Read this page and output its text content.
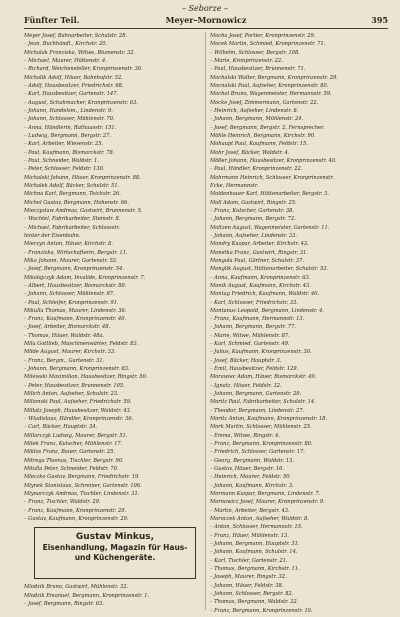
– Seborze –
Fünfter Teil.	Meyer–Mornowicz	395
Meyer Josef, Bahnarbeiter, Schulstr. 28.
– Jean, Buchhändl., Kirchstr. 20.
Michalak Franziska, Witwe, Blumenstr. 32.
– Michael, Maurer, Hüttenstr. 4.
– Richard, Weichensteller, Kronprinzenstr. 30.
Michalik Adolf, Häuer, Bahnhofstr. 52.
– Adolf, Hausbesitzer, Friedrichstr. 68.
– Karl, Hausbesitzer, Gartenstr. 147.
– August, Schuhmacher, Kronprinzenstr. 63.
– Johann, Handelsm., Lindenstr. 9.
– Johann, Schlosser, Mühlenstr. 70.
– Anna, Händlerin, Rathausstr. 151.
– Ludwig, Bergmann, Bergstr. 27.
– Karl, Arbeiter, Wiesenstr. 25.
– Paul, Kaufmann, Bismarckstr. 78.
– Paul, Schneider, Waldstr. 1.
– Peter, Schlosser, Feldstr. 130.
Michalski Johann, Häuer, Kronprinzenstr. 88.
Michalek Adolf, Bäcker, Schulstr. 51.
Michna Karl, Bergmann, Teichstr. 26.
Michel Gustav, Bergmann, Hohenstr. 66.
Mieczyslaw Andreas, Gastwirt, Brunnenstr. 5.
– Wachtel, Fabrikarbeiter, Steinstr. 8.
– Michael, Fabrikarbeiter, Schlossstr.
hinter der Eisenbahn.
Mierzyn Anton, Häuer, Kirchstr. 8.
– Franziska, Wirtschafterin, Bergstr. 11.
Mika Johann, Maurer, Gartenstr. 52.
– Josef, Bergmann, Kronprinzenstr. 54.
Mikolajczyk Adam, Invalide, Kronprinzenstr. 7.
– Albert, Hausbesitzer, Bismarckstr. 80.
– Johann, Schlosser, Mühlenstr. 97.
– Paul, Schleifer, Kronprinzenstr. 91.
Mikulla Thomas, Maurer, Lindenstr. 36.
– Franz, Kaufmann, Kronprinzenstr. 40.
– Josef, Arbeiter, Bismarckstr. 48.
– Thomas, Häuer, Waldstr. 48a.
Mila Gottlieb, Maschinenwärter, Feldstr. 83.
Milde August, Maurer, Kirchstr. 33.
– Franz, Bergm., Gartenstr. 31.
– Johann, Bergmann, Kronprinzenstr. 83.
Milewski Maximilian, Hausbesitzer, Ringstr. 50.
– Peter, Hausbesitzer, Brunnenstr. 105.
Milich Anton, Aufseher, Schulstr. 23.
Milionski Paul, Aufseher, Friedrichstr. 59.
Millatz Joseph, Hausbesitzer, Waldstr. 43.
– Wladislaus, Händler, Kronprinzenstr. 36.
– Carl, Bäcker, Hauptstr. 34.
Millarczyk Ludwig, Maurer, Bergstr. 51.
Mitek Franz, Kutscher, Mühlenstr. 17.
Miklos Franz, Bauer, Gartenstr. 25.
Mitrega Thomas, Tischler, Bergstr. 90.
Mitulla Peter, Schneider, Feldstr. 70.
Mleczko Gustav, Bergmann, Friedrichstr. 19.
Mlynek Stanislaus, Schreiner, Gartenstr. 106.
Mlynarczyk Andreas, Tischler, Lindenstr. 31.
– Franz, Tischler, Waldstr. 29.
– Franz, Kaufmann, Kronprinzenstr. 29.
– Gustav, Kaufmann, Kronprinzenstr. 29.
Gustav Minkus,
Eisenhandlung, Magazin für Haus- und Küchengeräte.
Mlodzik Bruno, Gastwirt, Mühlenstr. 32.
Mlodzik Emanuel, Bergmann, Kronprinzenstr. 1.
– Josef, Bergmann, Ringstr. 63.
Mocha Josef, Portier, Kronprinzenstr. 29.
Mocek Martin, Schmied, Kronprinzenstr. 71.
– Wilhelm, Schlosser, Bergstr. 108.
– Marie, Kronprinzenstr. 22.
– Paul, Hausbesitzer, Brunnenstr. 71.
Mochalski Walter, Bergmann, Kronprinzenstr. 29.
Mocnalski Paul, Aufseher, Kronprinzenstr. 80.
Mochol Bruno, Wagenmeister, Hermannstr. 59.
Mocke Josef, Zimmermann, Gartenstr. 22.
– Heinrich, Aufseher, Lindenstr. 8.
– Johann, Bergmann, Mühlenstr. 24.
– Josef, Bergmann, Bergstr. 2, Fernsprecher.
Möhle Heinrich, Bergmann, Kirchstr. 90.
Mohaupt Paul, Kaufmann, Feldstr. 15.
Mohr Josef, Bäcker, Waldstr. 4.
Möller Johann, Hausbesitzer, Kronprinzenstr. 40.
– Paul, Händler, Kronprinzenstr. 22.
Mohrmann Heinrich, Schlosser, Kronprinzenstr.
Ecke, Hermannstr.
Moldenhauer Karl, Hüttenarbeiter, Bergstr. 3.
Moll Adam, Gastwirt, Ringstr. 25.
– Franz, Kutscher, Gartenstr. 38.
– Johann, Bergmann, Bergstr. 72.
Moltzen August, Wagenmeister, Gartenstr. 11.
– Johann, Aufseher, Lindenstr. 33.
Mondry Kaspar, Arbeiter, Kirchstr. 43.
Monetka Franz, Gastwirt, Ringstr. 31.
Mongola Paul, Gärtner, Schulstr. 37.
Monglik August, Hüttenarbeiter, Schulstr. 53.
– Anna, Kaufmann, Kronprinzenstr. 63.
Monik August, Kaufmann, Kirchstr. 43.
Montag Friedrich, Kaufmann, Waldstr. 40.
– Karl, Schlosser, Friedrichstr. 33.
Montanus Leopold, Bergmann, Lindenstr. 4.
– Franz, Kaufmann, Hermannstr. 13.
– Johann, Bergmann, Bergstr. 77.
– Marie, Witwe, Mühlenstr. 87.
– Karl, Schmied, Gartenstr. 49.
– Julius, Kaufmann, Kronprinzenstr. 30.
– Josef, Bäcker, Hauptstr. 3.
– Emil, Hausbesitzer, Feldstr. 129.
Morawiec Adam, Häuer, Bismarckstr. 49.
– Ignatz, Häuer, Feldstr. 32.
– Johann, Bergmann, Gartenstr. 20.
Moritz Paul, Fabrikarbeiter, Schulstr. 14.
– Theodor, Bergmann, Lindenstr. 27.
Moritz Anton, Kaufmann, Kronprinzenstr. 18.
Mork Martin, Schlosser, Mühlenstr. 25.
– Emma, Witwe, Ringstr. 4.
– Franz, Bergmann, Kronprinzenstr. 80.
– Friedrich, Schlosser, Gartenstr. 17.
– Georg, Bergmann, Waldstr. 13.
– Gustav, Häuer, Bergstr. 16.
– Heinrich, Maurer, Feldstr. 50.
– Johann, Kaufmann, Kirchstr. 3.
Mormann Kaspar, Bergmann, Lindenstr. 7.
Mornowicz Josef, Maurer, Kronprinzenstr. 9.
– Martin, Arbeiter, Bergstr. 43.
Moroczek Anton, Aufseher, Waldstr. 8.
– Anton, Schlosser, Hermannstr. 15.
– Franz, Häuer, Mühlenstr. 13.
– Johann, Bergmann, Hauptstr. 31.
– Johann, Kaufmann, Schulstr. 14.
– Karl, Tischler, Gartenstr. 21.
– Thomas, Bergmann, Kirchstr. 11.
– Joseph, Maurer, Ringstr. 32.
– Johann, Häuer, Feldstr. 38.
– Johann, Schlosser, Bergstr. 82.
– Thomas, Bergmann, Waldstr. 22.
– Franz, Bergmann, Kronprinzenstr. 10.
